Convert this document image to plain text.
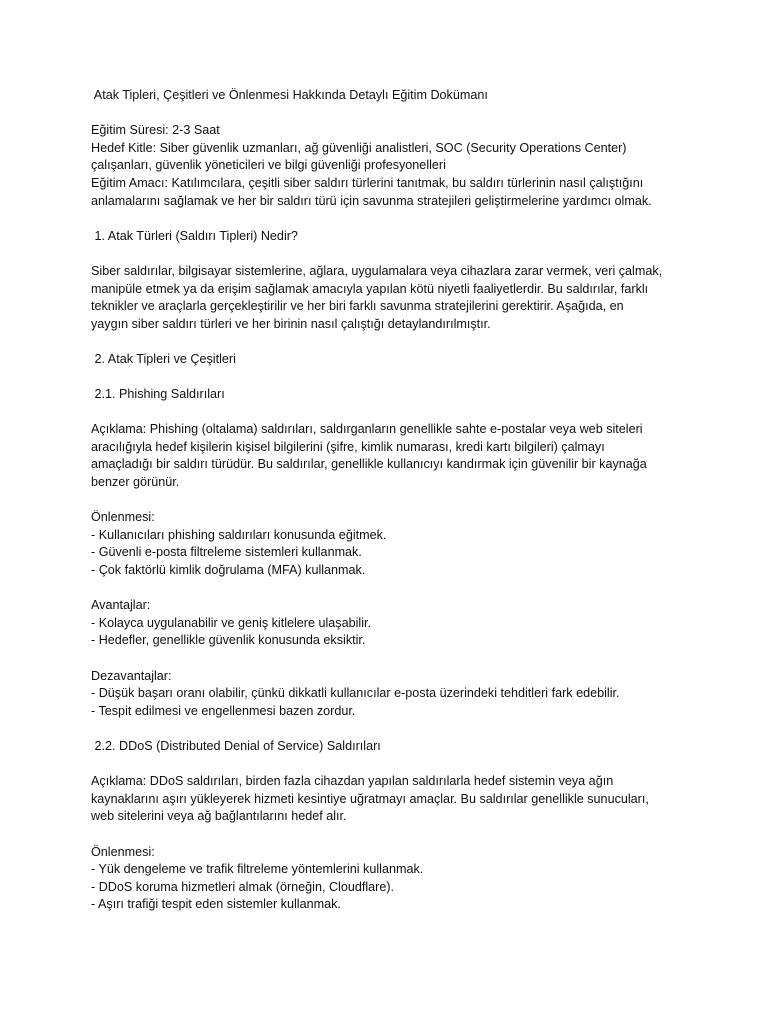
Atak Tipleri, Çeşitleri ve Önlenmesi Hakkında Detaylı Eğitim Dokümanı
Eğitim Süresi: 2-3 Saat
Hedef Kitle: Siber güvenlik uzmanları, ağ güvenliği analistleri, SOC (Security Operations Center)
çalışanları, güvenlik yöneticileri ve bilgi güvenliği profesyonelleri
Eğitim Amacı: Katılımcılara, çeşitli siber saldırı türlerini tanıtmak, bu saldırı türlerinin nasıl çalıştığını
anlamalarını sağlamak ve her bir saldırı türü için savunma stratejileri geliştirmelerine yardımcı olmak.
1. Atak Türleri (Saldırı Tipleri) Nedir?
Siber saldırılar, bilgisayar sistemlerine, ağlara, uygulamalara veya cihazlara zarar vermek, veri çalmak,
manipüle etmek ya da erişim sağlamak amacıyla yapılan kötü niyetli faaliyetlerdir. Bu saldırılar, farklı
teknikler ve araçlarla gerçekleştirilir ve her biri farklı savunma stratejilerini gerektirir. Aşağıda, en
yaygın siber saldırı türleri ve her birinin nasıl çalıştığı detaylandırılmıştır.
2. Atak Tipleri ve Çeşitleri
2.1. Phishing Saldırıları
Açıklama: Phishing (oltalama) saldırıları, saldırganların genellikle sahte e-postalar veya web siteleri
aracılığıyla hedef kişilerin kişisel bilgilerini (şifre, kimlik numarası, kredi kartı bilgileri) çalmayı
amaçladığı bir saldırı türüdür. Bu saldırılar, genellikle kullanıcıyı kandırmak için güvenilir bir kaynağa
benzer görünür.
Önlenmesi:
- Kullanıcıları phishing saldırıları konusunda eğitmek.
- Güvenli e-posta filtreleme sistemleri kullanmak.
- Çok faktörlü kimlik doğrulama (MFA) kullanmak.
Avantajlar:
- Kolayca uygulanabilir ve geniş kitlelere ulaşabilir.
- Hedefler, genellikle güvenlik konusunda eksiktir.
Dezavantajlar:
- Düşük başarı oranı olabilir, çünkü dikkatli kullanıcılar e-posta üzerindeki tehditleri fark edebilir.
- Tespit edilmesi ve engellenmesi bazen zordur.
2.2. DDoS (Distributed Denial of Service) Saldırıları
Açıklama: DDoS saldırıları, birden fazla cihazdan yapılan saldırılarla hedef sistemin veya ağın
kaynaklarını aşırı yükleyerek hizmeti kesintiye uğratmayı amaçlar. Bu saldırılar genellikle sunucuları,
web sitelerini veya ağ bağlantılarını hedef alır.
Önlenmesi:
- Yük dengeleme ve trafik filtreleme yöntemlerini kullanmak.
- DDoS koruma hizmetleri almak (örneğin, Cloudflare).
- Aşırı trafiği tespit eden sistemler kullanmak.
